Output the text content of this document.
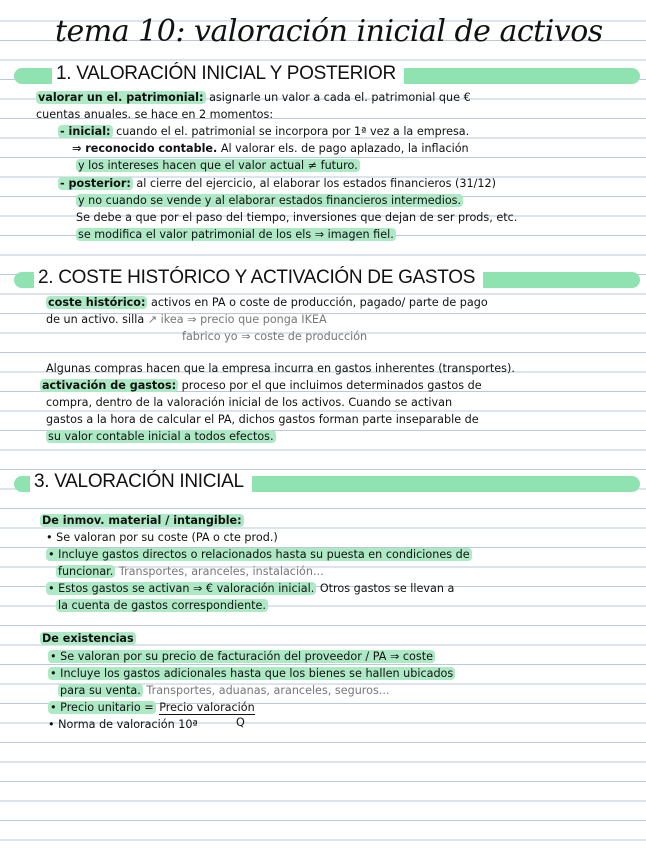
tema 10: valoración inicial de activos
1. VALORACIÓN INICIAL Y POSTERIOR
valorar un el. patrimonial: asignarle un valor a cada el. patrimonial que €
cuentas anuales. se hace en 2 momentos:
- inicial: cuando el el. patrimonial se incorpora por 1ª vez a la empresa.
⇒ reconocido contable. Al valorar els. de pago aplazado, la inflación
y los intereses hacen que el valor actual ≠ futuro.
- posterior: al cierre del ejercicio, al elaborar los estados financieros (31/12)
y no cuando se vende y al elaborar estados financieros intermedios.
Se debe a que por el paso del tiempo, inversiones que dejan de ser prods, etc.
se modifica el valor patrimonial de los els ⇒ imagen fiel.
2. COSTE HISTÓRICO Y ACTIVACIÓN DE GASTOS
coste histórico: activos en PA o coste de producción, pagado/ parte de pago
de un activo. silla ↗ ikea ⇒ precio que ponga IKEA
fabrico yo ⇒ coste de producción
Algunas compras hacen que la empresa incurra en gastos inherentes (transportes).
activación de gastos: proceso por el que incluimos determinados gastos de
compra, dentro de la valoración inicial de los activos. Cuando se activan
gastos a la hora de calcular el PA, dichos gastos forman parte inseparable de
su valor contable inicial a todos efectos.
3. VALORACIÓN INICIAL
De inmov. material / intangible:
• Se valoran por su coste (PA o cte prod.)
• Incluye gastos directos o relacionados hasta su puesta en condiciones de
funcionar. Transportes, aranceles, instalación...
• Estos gastos se activan ⇒ € valoración inicial. Otros gastos se llevan a
la cuenta de gastos correspondiente.
De existencias
• Se valoran por su precio de facturación del proveedor / PA ⇒ coste
• Incluye los gastos adicionales hasta que los bienes se hallen ubicados
para su venta. Transportes, aduanas, aranceles, seguros...
• Precio unitario = Precio valoración
• Norma de valoración 10ª	Q
